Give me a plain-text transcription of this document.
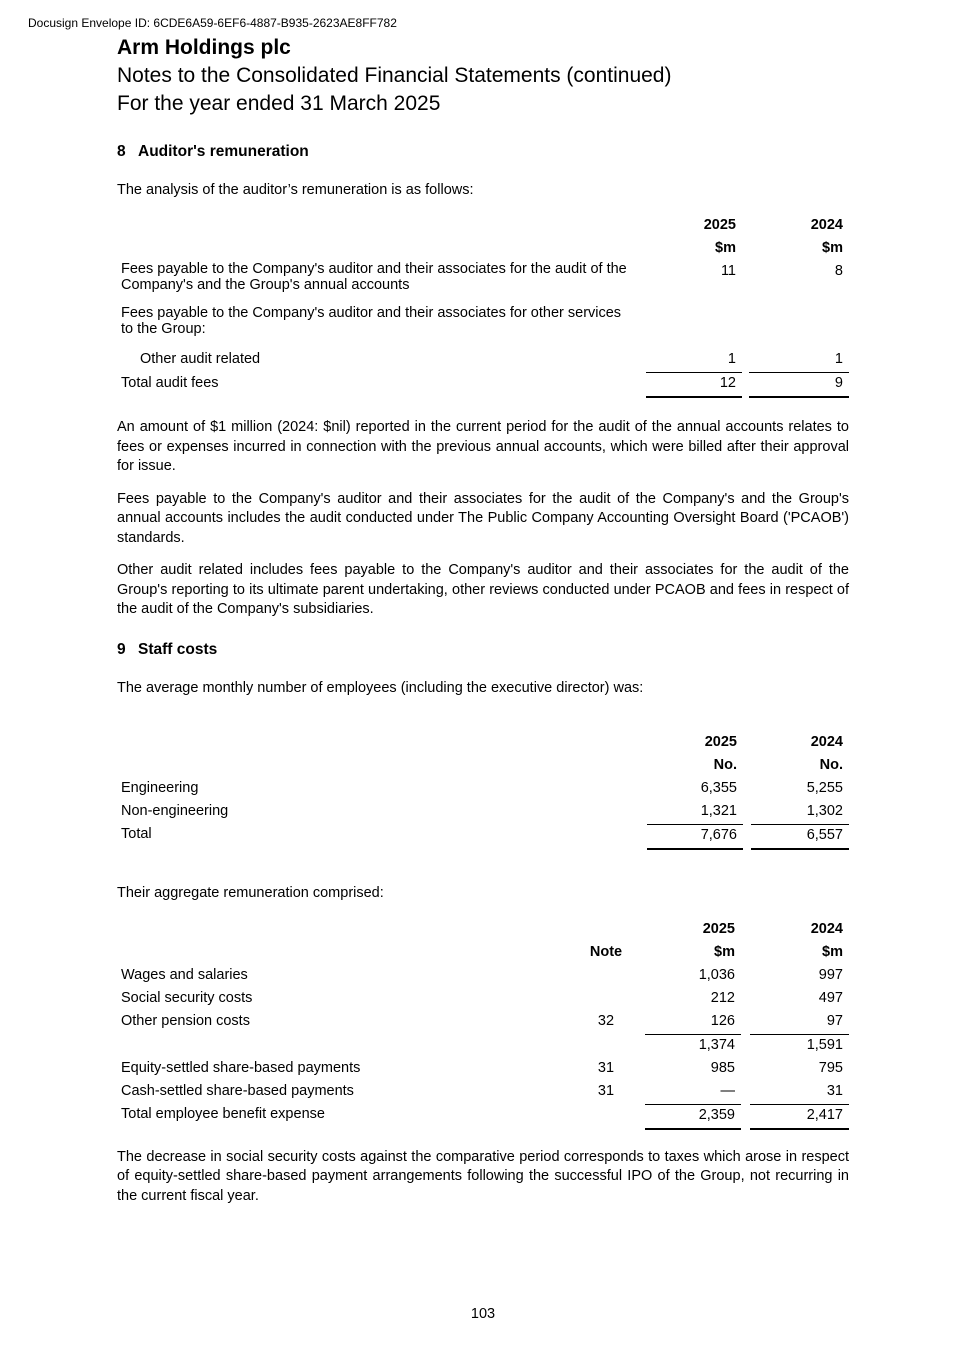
Docusign Envelope ID: 6CDE6A59-6EF6-4887-B935-2623AE8FF782
Arm Holdings plc
Notes to the Consolidated Financial Statements (continued)
For the year ended 31 March 2025
8 Auditor's remuneration

The analysis of the auditor’s remuneration is as follows:

	2025		2024

	$m		$m

Fees payable to the Company's auditor and their associates for the audit of the
Company's and the Group's annual accounts	11		8

Fees payable to the Company's auditor and their associates for other services
to the Group:			

Other audit related	1		1

Total audit fees	12		9

An amount of $1 million (2024: $nil) reported in the current period for the audit of the annual accounts relates to fees or expenses incurred in connection with the previous annual accounts, which were billed after their approval for issue.

Fees payable to the Company's auditor and their associates for the audit of the Company's and the Group's annual accounts includes the audit conducted under The Public Company Accounting Oversight Board ('PCAOB') standards.

Other audit related includes fees payable to the Company's auditor and their associates for the audit of the Group's reporting to its ultimate parent undertaking, other reviews conducted under PCAOB and fees in respect of the audit of the Company's subsidiaries.

9 Staff costs

The average monthly number of employees (including the executive director) was:

	2025		2024

	No.		No.

Engineering	6,355		5,255

Non-engineering	1,321		1,302

Total	7,676		6,557

Their aggregate remuneration comprised:

		2025		2024

	Note	$m		$m

Wages and salaries		1,036		997

Social security costs		212		497

Other pension costs	32	126		97

		1,374		1,591

Equity-settled share-based payments	31	985		795

Cash-settled share-based payments	31	—		31

Total employee benefit expense		2,359		2,417

The decrease in social security costs against the comparative period corresponds to taxes which arose in respect of equity-settled share-based payment arrangements following the successful IPO of the Group, not recurring in the current fiscal year.

103
